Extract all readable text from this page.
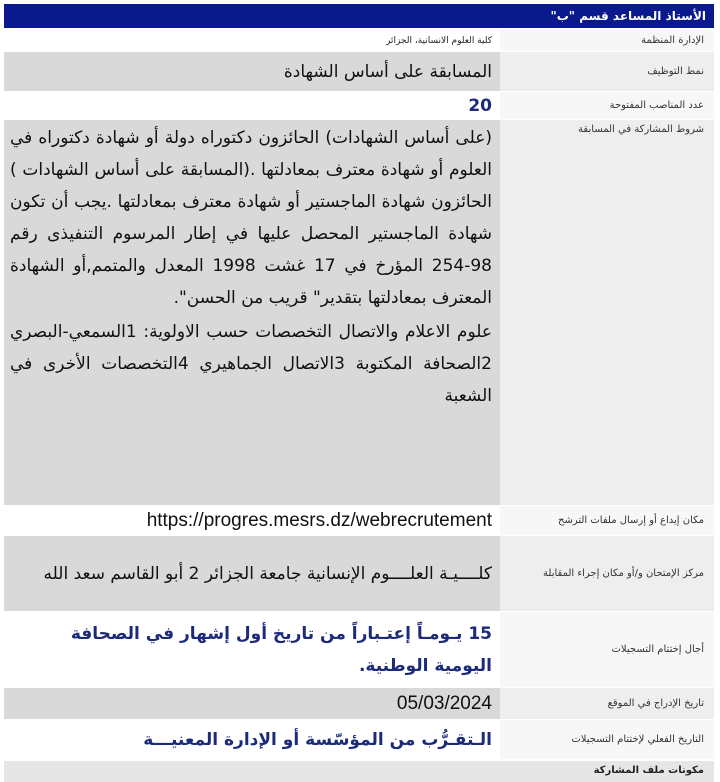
الأستاذ المساعد قسم "ب"
الإدارة المنظمة
كلية العلوم الانسانية، الجزائر
نمط التوظيف
المسابقة على أساس الشهادة
عدد المناصب المفتوحة
20
شروط المشاركة في المسابقة
(على أساس الشهادات) الحائزون دكتوراه دولة أو شهادة دكتوراه في العلوم أو شهادة معترف بمعادلتها .(المسابقة على أساس الشهادات ) الحائزون شهادة الماجستير أو شهادة معترف بمعادلتها .يجب أن تكون شهادة الماجستير المحصل عليها في إطار المرسوم التنفيذى رقم 98-254 المؤرخ في 17 غشت 1998 المعدل والمتمم,أو الشهادة المعترف بمعادلتها بتقدير" قريب من الحسن".
علوم الاعلام والاتصال التخصصات حسب الاولوية: 1السمعي-البصري 2الصحافة المكتوبة 3الاتصال الجماهيري 4التخصصات الأخرى في الشعبة
مكان إيداع أو إرسال ملفات الترشح
https://progres.mesrs.dz/webrecrutement
مركز الإمتحان و/أو مكان إجراء المقابلة
كلــــيـة العلــــوم الإنسانية جامعة الجزائر 2 أبو القاسم سعد الله
أجال إختتام التسجيلات
15 يـومـاً إعتـباراً من تاريخ أول إشهار في الصحافة اليومية الوطنية.
تاريخ الإدراج في الموقع
05/03/2024
التاريخ الفعلي لإختتام التسجيلات
الـتقـرُّب من المؤسّسة أو الإدارة المعنيـــة
مكونات ملف المشاركة
